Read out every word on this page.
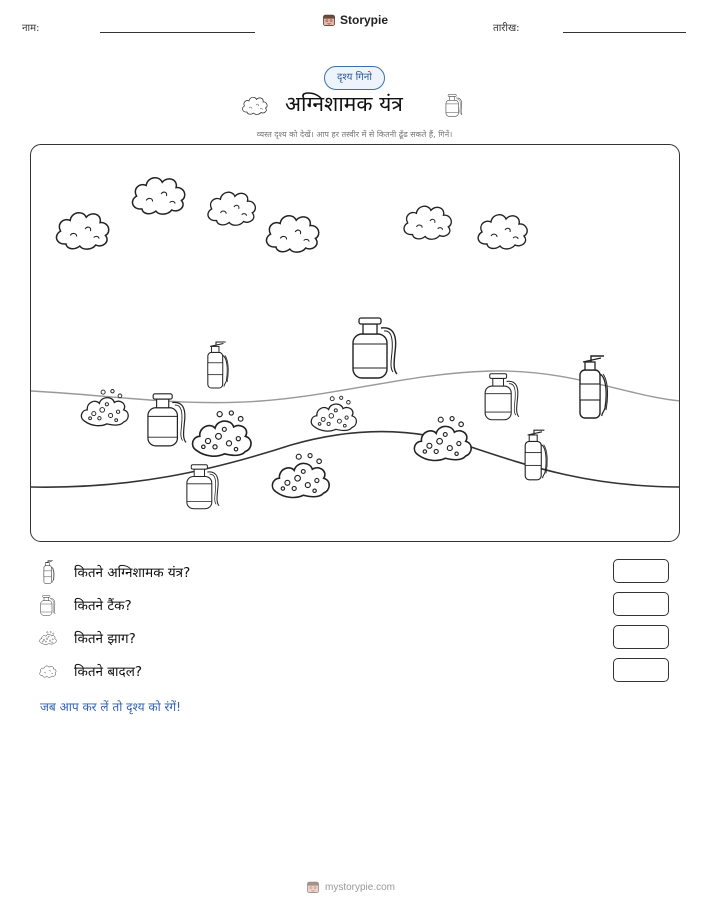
नाम:
Storypie
तारीख:
दृश्य गिनो
अग्निशामक यंत्र
व्यस्त दृश्य को देखें। आप हर तस्वीर में से कितनी ढूँढ सकते हैं, गिनें।
कितने अग्निशामक यंत्र?
कितने टैंक?
कितने झाग?
कितने बादल?
जब आप कर लें तो दृश्य को रंगें!
mystorypie.com
